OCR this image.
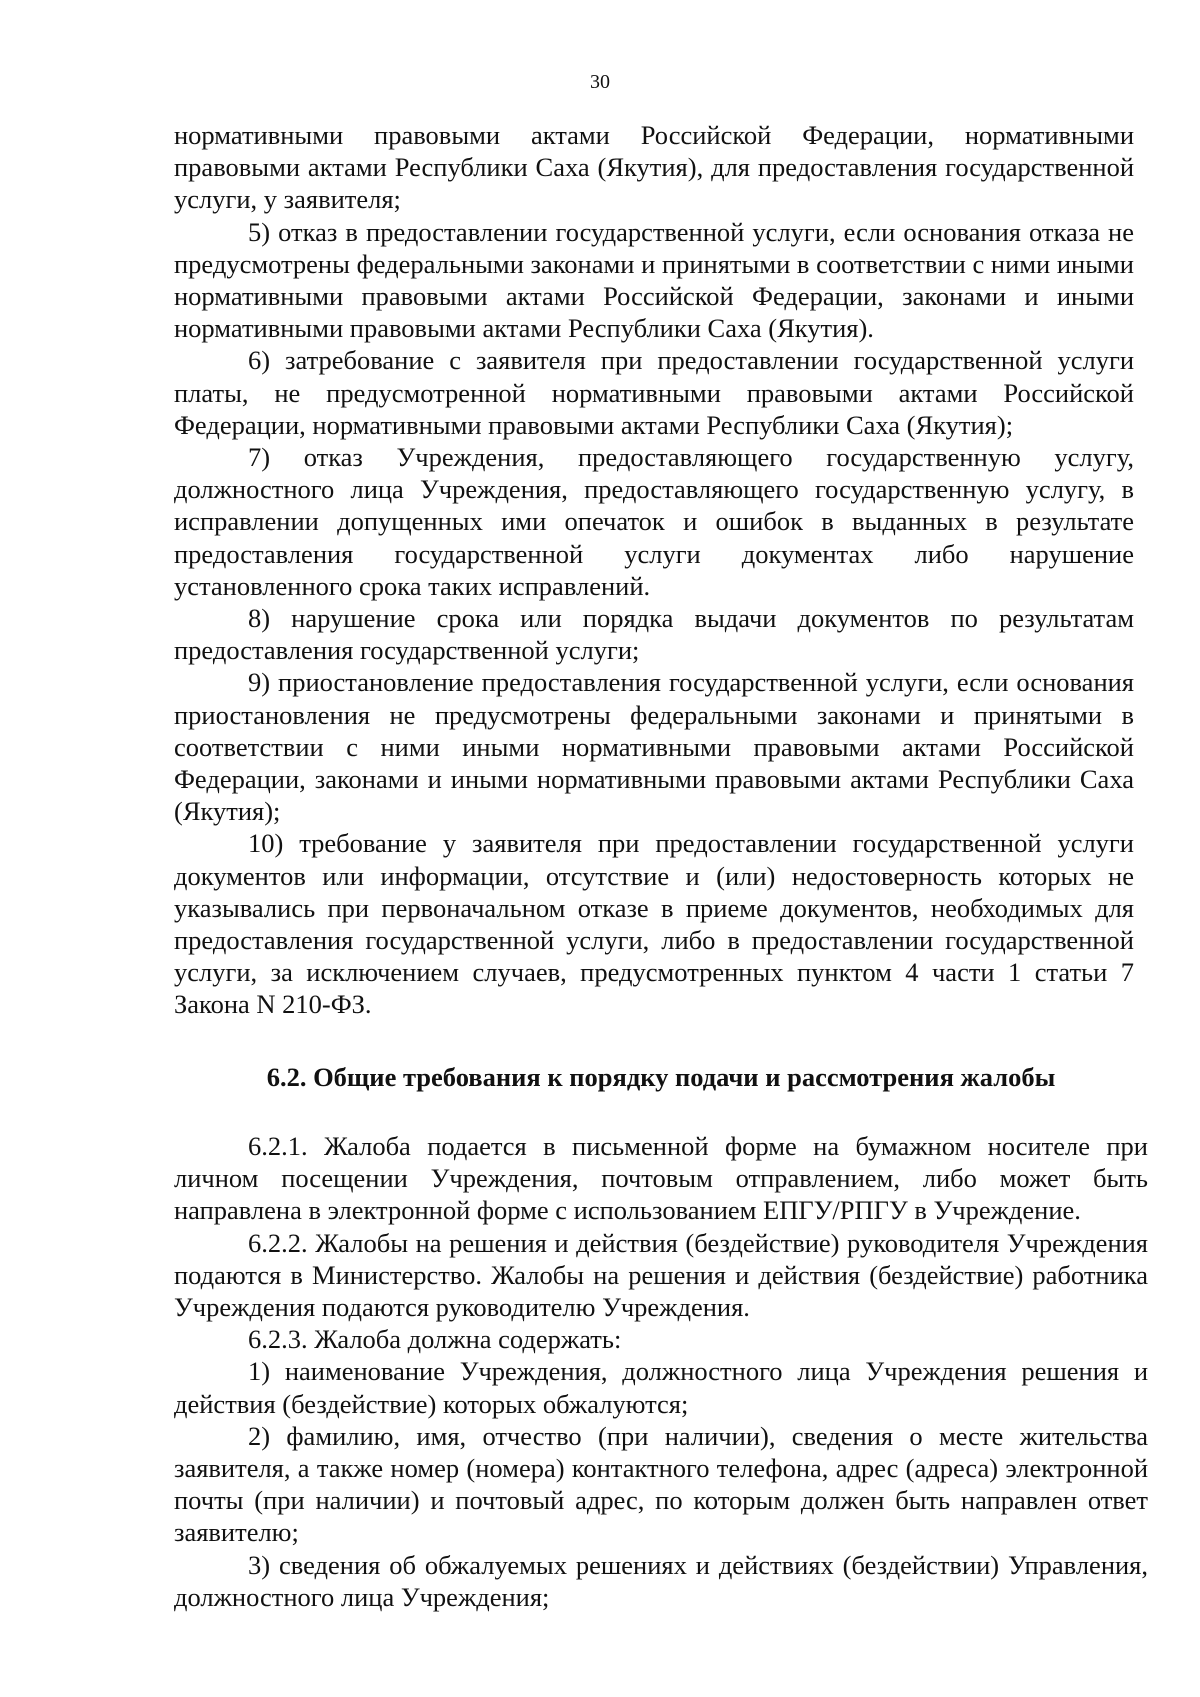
30

нормативными правовыми актами Российской Федерации, нормативными правовыми актами Республики Саха (Якутия), для предоставления государственной услуги, у заявителя;

5) отказ в предоставлении государственной услуги, если основания отказа не предусмотрены федеральными законами и принятыми в соответствии с ними иными нормативными правовыми актами Российской Федерации, законами и иными нормативными правовыми актами Республики Саха (Якутия).

6) затребование с заявителя при предоставлении государственной услуги платы, не предусмотренной нормативными правовыми актами Российской Федерации, нормативными правовыми актами Республики Саха (Якутия);

7) отказ Учреждения, предоставляющего государственную услугу, должностного лица Учреждения, предоставляющего государственную услугу, в исправлении допущенных ими опечаток и ошибок в выданных в результате предоставления государственной услуги документах либо нарушение установленного срока таких исправлений.

8) нарушение срока или порядка выдачи документов по результатам предоставления государственной услуги;

9) приостановление предоставления государственной услуги, если основания приостановления не предусмотрены федеральными законами и принятыми в соответствии с ними иными нормативными правовыми актами Российской Федерации, законами и иными нормативными правовыми актами Республики Саха (Якутия);

10) требование у заявителя при предоставлении государственной услуги документов или информации, отсутствие и (или) недостоверность которых не указывались при первоначальном отказе в приеме документов, необходимых для предоставления государственной услуги, либо в предоставлении государственной услуги, за исключением случаев, предусмотренных пунктом 4 части 1 статьи 7 Закона N 210-ФЗ.

6.2. Общие требования к порядку подачи и рассмотрения жалобы

6.2.1. Жалоба подается в письменной форме на бумажном носителе при личном посещении Учреждения, почтовым отправлением, либо может быть направлена в электронной форме с использованием ЕПГУ/РПГУ в Учреждение.

6.2.2. Жалобы на решения и действия (бездействие) руководителя Учреждения подаются в Министерство. Жалобы на решения и действия (бездействие) работника Учреждения подаются руководителю Учреждения.

6.2.3. Жалоба должна содержать:

1) наименование Учреждения, должностного лица Учреждения решения и действия (бездействие) которых обжалуются;

2) фамилию, имя, отчество (при наличии), сведения о месте жительства заявителя, а также номер (номера) контактного телефона, адрес (адреса) электронной почты (при наличии) и почтовый адрес, по которым должен быть направлен ответ заявителю;

3) сведения об обжалуемых решениях и действиях (бездействии) Управления, должностного лица Учреждения;
